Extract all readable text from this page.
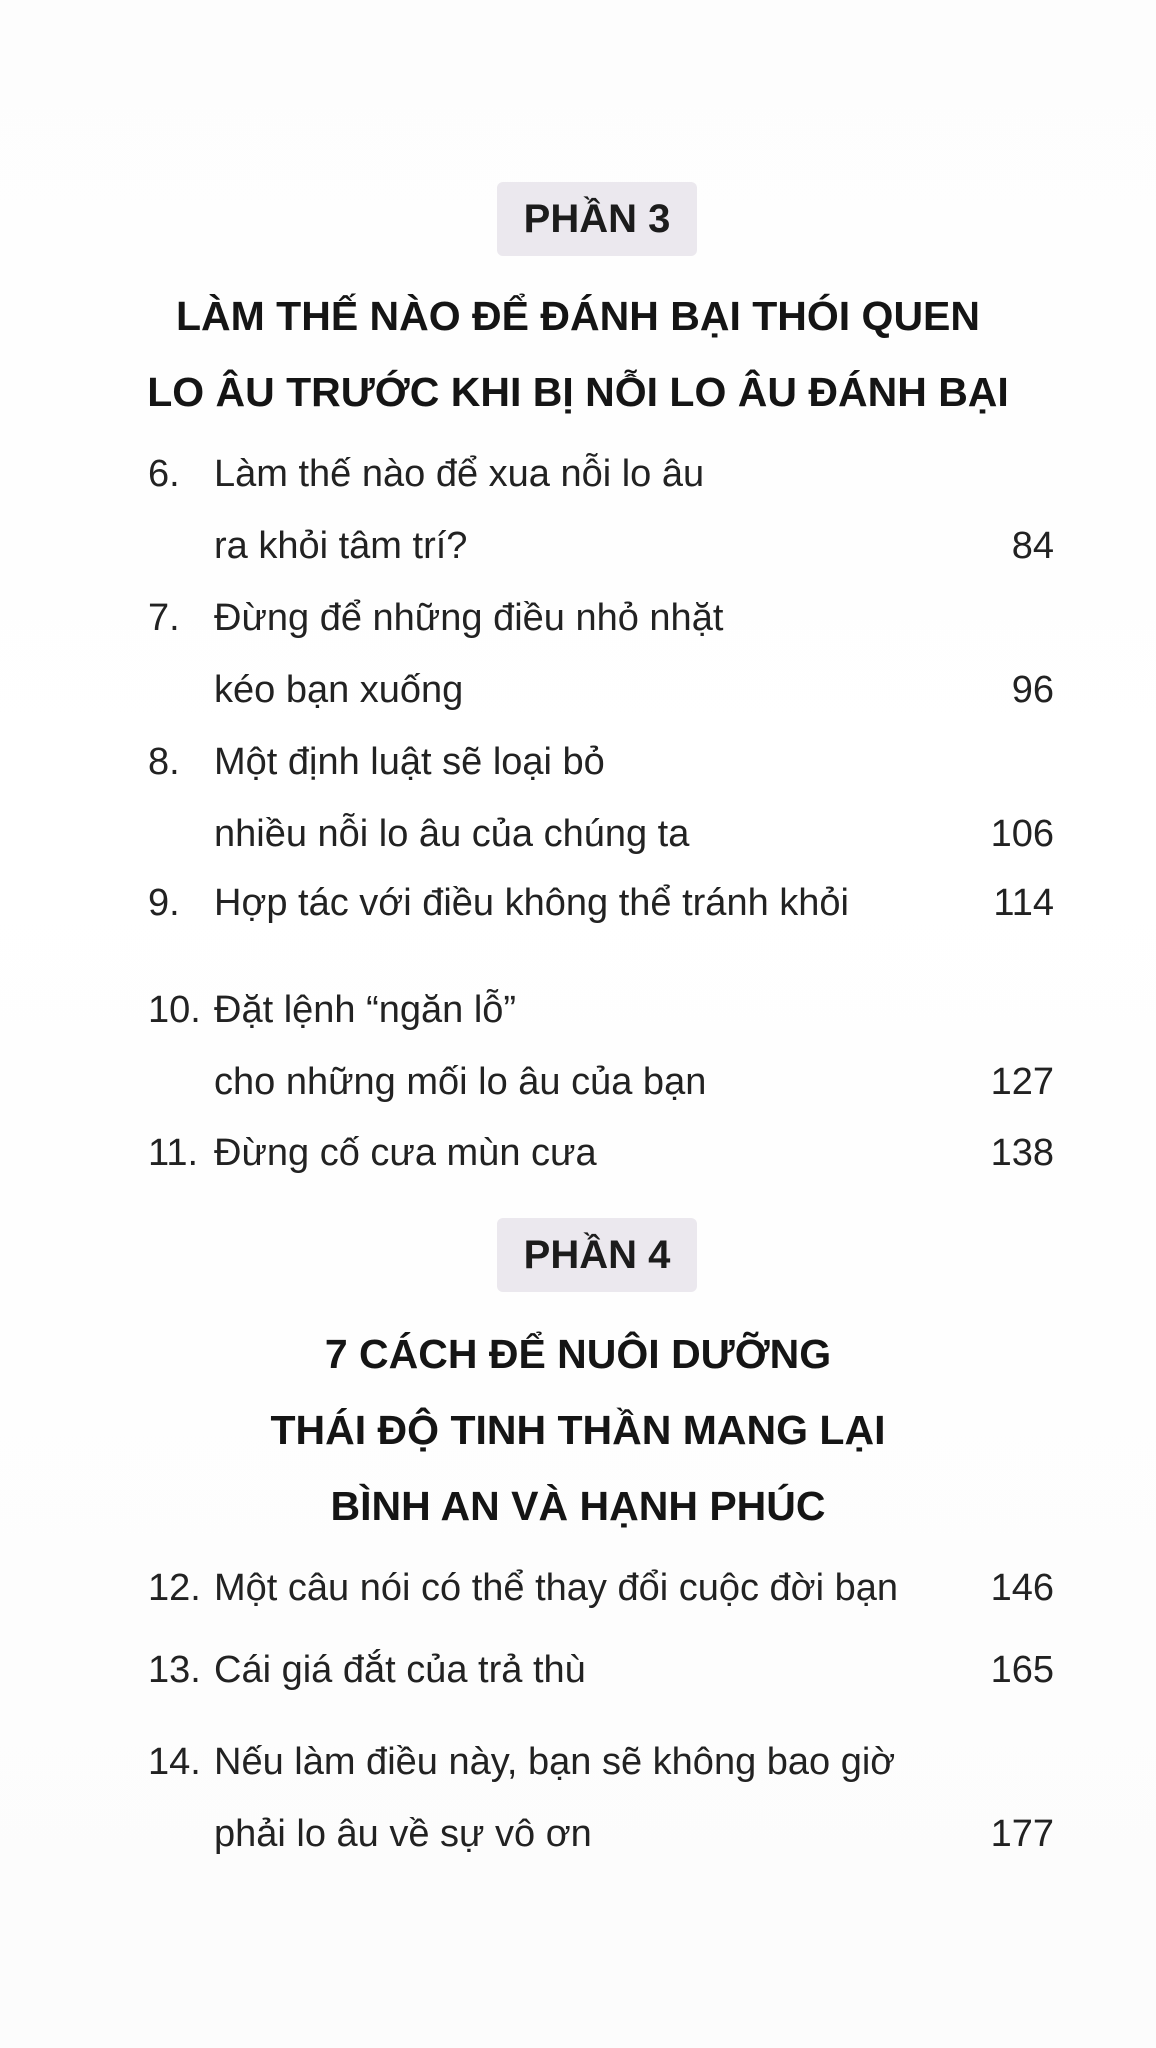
PHẦN 3
LÀM THẾ NÀO ĐỂ ĐÁNH BẠI THÓI QUEN
LO ÂU TRƯỚC KHI BỊ NỖI LO ÂU ĐÁNH BẠI
6. Làm thế nào để xua nỗi lo âu
ra khỏi tâm trí?	84
7. Đừng để những điều nhỏ nhặt
kéo bạn xuống	96
8. Một định luật sẽ loại bỏ
nhiều nỗi lo âu của chúng ta	106
9. Hợp tác với điều không thể tránh khỏi	114
10. Đặt lệnh “ngăn lỗ”
cho những mối lo âu của bạn	127
11. Đừng cố cưa mùn cưa	138
PHẦN 4
7 CÁCH ĐỂ NUÔI DƯỠNG
THÁI ĐỘ TINH THẦN MANG LẠI
BÌNH AN VÀ HẠNH PHÚC
12. Một câu nói có thể thay đổi cuộc đời bạn 146
13. Cái giá đắt của trả thù	165
14. Nếu làm điều này, bạn sẽ không bao giờ
phải lo âu về sự vô ơn	177
